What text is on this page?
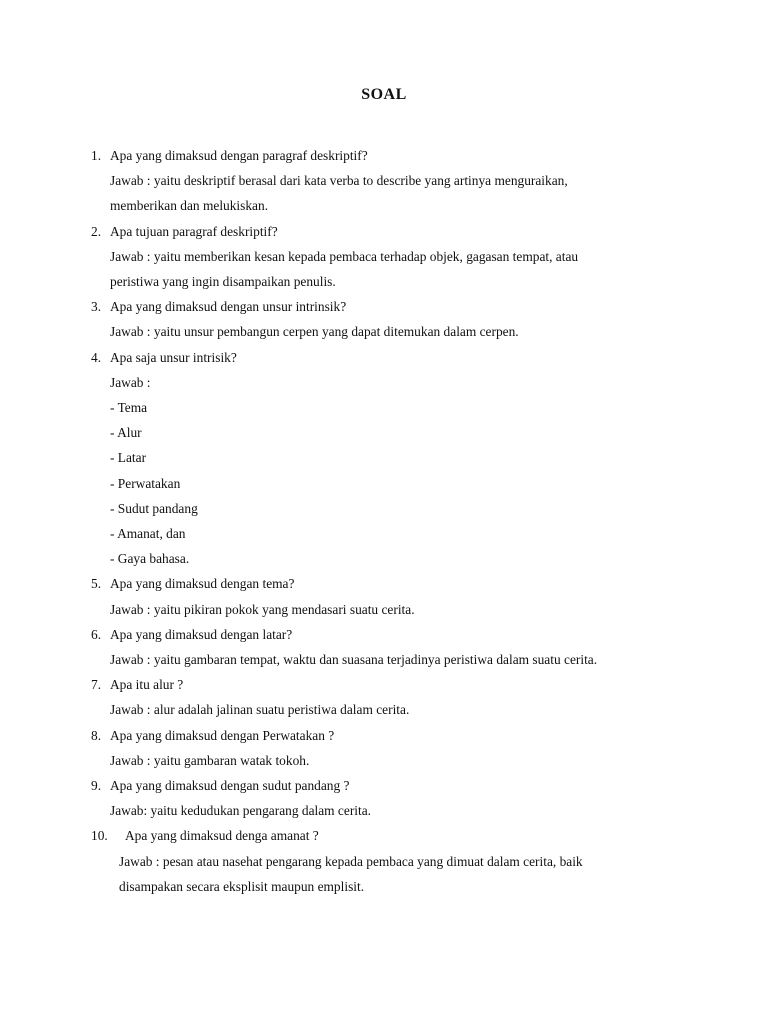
SOAL
1. Apa yang dimaksud dengan paragraf deskriptif?
Jawab : yaitu deskriptif berasal dari kata verba to describe yang artinya menguraikan,
memberikan dan melukiskan.
2. Apa tujuan paragraf deskriptif?
Jawab : yaitu memberikan kesan kepada pembaca terhadap objek, gagasan tempat, atau
peristiwa yang ingin disampaikan penulis.
3. Apa yang dimaksud dengan unsur intrinsik?
Jawab : yaitu unsur pembangun cerpen yang dapat ditemukan dalam cerpen.
4. Apa saja unsur intrisik?
Jawab :
- Tema
- Alur
- Latar
- Perwatakan
- Sudut pandang
- Amanat, dan
- Gaya bahasa.
5. Apa yang dimaksud dengan tema?
Jawab : yaitu pikiran pokok yang mendasari suatu cerita.
6. Apa yang dimaksud dengan latar?
Jawab : yaitu gambaran tempat, waktu dan suasana terjadinya peristiwa dalam suatu cerita.
7. Apa itu alur ?
Jawab : alur adalah jalinan suatu peristiwa dalam cerita.
8. Apa yang dimaksud dengan Perwatakan ?
Jawab : yaitu gambaran watak tokoh.
9. Apa yang dimaksud dengan sudut pandang ?
Jawab: yaitu kedudukan pengarang dalam cerita.
10. Apa yang dimaksud denga amanat ?
Jawab : pesan atau nasehat pengarang kepada pembaca yang dimuat dalam cerita, baik
disampakan secara eksplisit maupun emplisit.
